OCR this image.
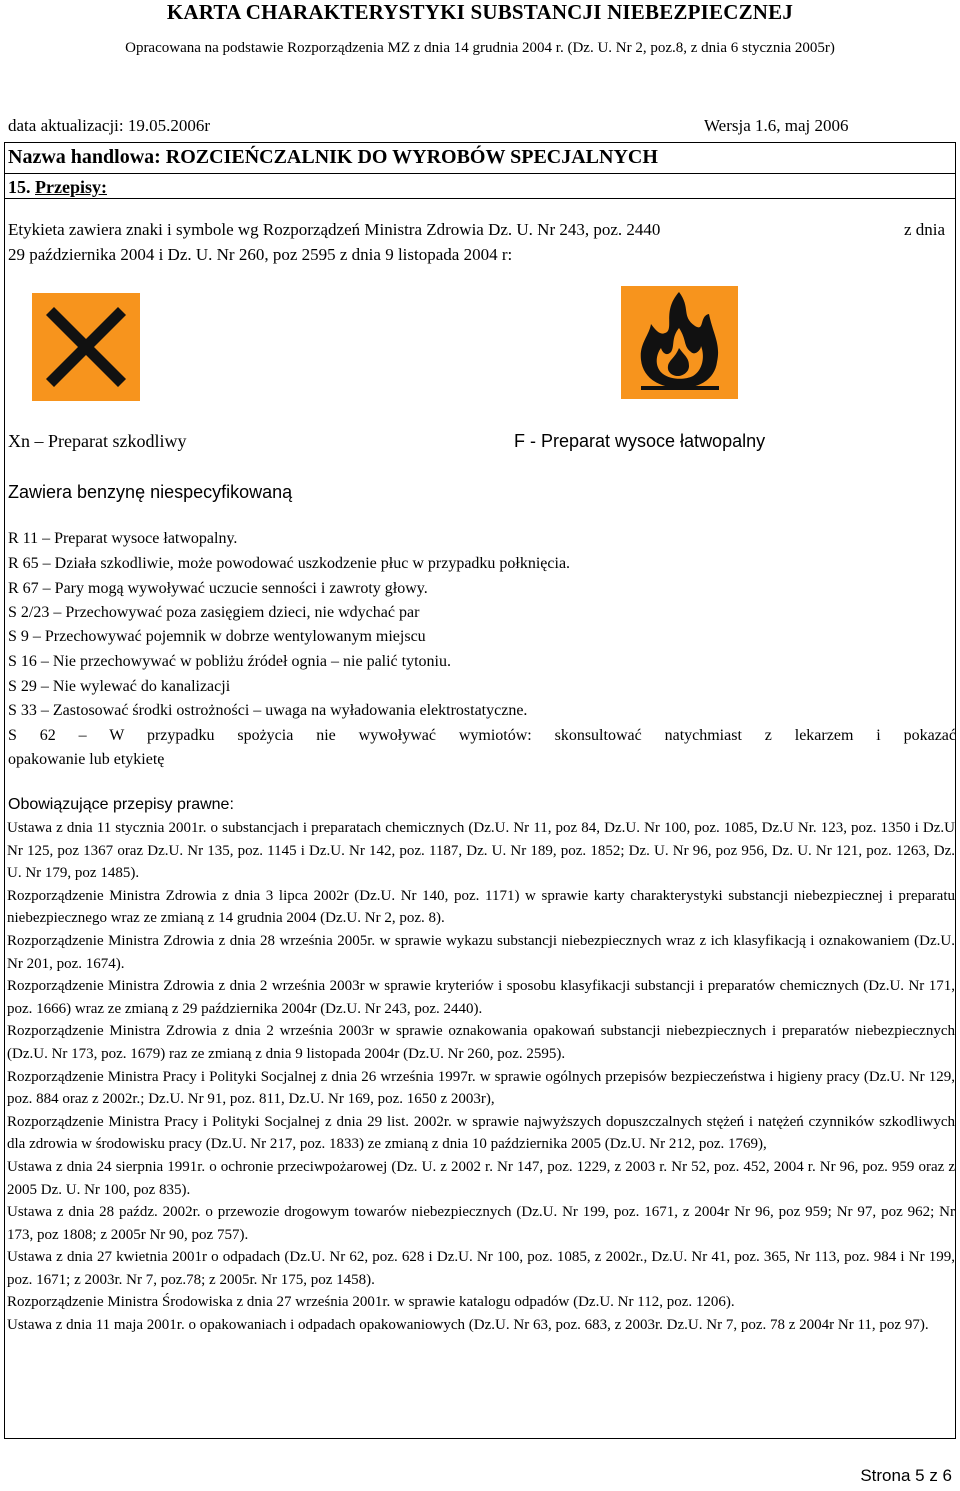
KARTA CHARAKTERYSTYKI SUBSTANCJI NIEBEZPIECZNEJ
Opracowana na podstawie Rozporządzenia MZ z dnia 14 grudnia 2004 r. (Dz. U. Nr 2, poz.8, z dnia 6 stycznia 2005r)
data aktualizacji: 19.05.2006r	Wersja 1.6, maj 2006
Nazwa handlowa: ROZCIEŃCZALNIK DO WYROBÓW SPECJALNYCH
15. Przepisy:
Etykieta zawiera znaki i symbole wg Rozporządzeń Ministra Zdrowia Dz. U. Nr 243, poz. 2440	z dnia
29 października 2004 i Dz. U. Nr 260, poz 2595 z dnia 9 listopada 2004 r:
Xn – Preparat szkodliwy	F - Preparat wysoce łatwopalny
Zawiera benzynę niespecyfikowaną
R 11 – Preparat wysoce łatwopalny.
R 65 – Działa szkodliwie, może powodować uszkodzenie płuc w przypadku połknięcia.
R 67 – Pary mogą wywoływać uczucie senności i zawroty głowy.
S 2/23 – Przechowywać poza zasięgiem dzieci, nie wdychać par
S 9 – Przechowywać pojemnik w dobrze wentylowanym miejscu
S 16 – Nie przechowywać w pobliżu źródeł ognia – nie palić tytoniu.
S 29 – Nie wylewać do kanalizacji
S 33 – Zastosować środki ostrożności – uwaga na wyładowania elektrostatyczne.
S 62 – W przypadku spożycia nie wywoływać wymiotów: skonsultować natychmiast z lekarzem i pokazać
opakowanie lub etykietę
Obowiązujące przepisy prawne:

Ustawa z dnia 11 stycznia 2001r. o substancjach i preparatach chemicznych (Dz.U. Nr 11, poz 84, Dz.U. Nr 100, poz. 1085, Dz.U Nr. 123, poz. 1350 i Dz.U Nr 125, poz 1367 oraz Dz.U. Nr 135, poz. 1145 i Dz.U. Nr 142, poz. 1187, Dz. U. Nr 189, poz. 1852; Dz. U. Nr 96, poz 956, Dz. U. Nr 121, poz. 1263, Dz. U. Nr 179, poz 1485).

Rozporządzenie Ministra Zdrowia z dnia 3 lipca 2002r (Dz.U. Nr 140, poz. 1171) w sprawie karty charakterystyki substancji niebezpiecznej i preparatu niebezpiecznego wraz ze zmianą z 14 grudnia 2004 (Dz.U. Nr 2, poz. 8).

Rozporządzenie Ministra Zdrowia z dnia 28 września 2005r. w sprawie wykazu substancji niebezpiecznych wraz z ich klasyfikacją i oznakowaniem (Dz.U. Nr 201, poz. 1674).

Rozporządzenie Ministra Zdrowia z dnia 2 września 2003r w sprawie kryteriów i sposobu klasyfikacji substancji i preparatów chemicznych (Dz.U. Nr 171, poz. 1666) wraz ze zmianą z 29 października 2004r (Dz.U. Nr 243, poz. 2440).

Rozporządzenie Ministra Zdrowia z dnia 2 września 2003r w sprawie oznakowania opakowań substancji niebezpiecznych i preparatów niebezpiecznych (Dz.U. Nr 173, poz. 1679) raz ze zmianą z dnia 9 listopada 2004r (Dz.U. Nr 260, poz. 2595).

Rozporządzenie Ministra Pracy i Polityki Socjalnej z dnia 26 września 1997r. w sprawie ogólnych przepisów bezpieczeństwa i higieny pracy (Dz.U. Nr 129, poz. 884 oraz z 2002r.; Dz.U. Nr 91, poz. 811, Dz.U. Nr 169, poz. 1650 z 2003r),

Rozporządzenie Ministra Pracy i Polityki Socjalnej z dnia 29 list. 2002r. w sprawie najwyższych dopuszczalnych stężeń i natężeń czynników szkodliwych dla zdrowia w środowisku pracy (Dz.U. Nr 217, poz. 1833) ze zmianą z dnia 10 października 2005 (Dz.U. Nr 212, poz. 1769),

Ustawa z dnia 24 sierpnia 1991r. o ochronie przeciwpożarowej (Dz. U. z 2002 r. Nr 147, poz. 1229, z 2003 r. Nr 52, poz. 452, 2004 r. Nr 96, poz. 959 oraz z 2005 Dz. U. Nr 100, poz 835).

Ustawa z dnia 28 paźdz. 2002r. o przewozie drogowym towarów niebezpiecznych (Dz.U. Nr 199, poz. 1671, z 2004r Nr 96, poz 959; Nr 97, poz 962; Nr 173, poz 1808; z 2005r Nr 90, poz 757).

Ustawa z dnia 27 kwietnia 2001r o odpadach (Dz.U. Nr 62, poz. 628 i Dz.U. Nr 100, poz. 1085, z 2002r., Dz.U. Nr 41, poz. 365, Nr 113, poz. 984 i Nr 199, poz. 1671; z 2003r. Nr 7, poz.78; z 2005r. Nr 175, poz 1458).

Rozporządzenie Ministra Środowiska z dnia 27 września 2001r. w sprawie katalogu odpadów (Dz.U. Nr 112, poz. 1206).

Ustawa z dnia 11 maja 2001r. o opakowaniach i odpadach opakowaniowych (Dz.U. Nr 63, poz. 683, z 2003r. Dz.U. Nr 7, poz. 78 z 2004r Nr 11, poz 97).

Strona 5 z 6
